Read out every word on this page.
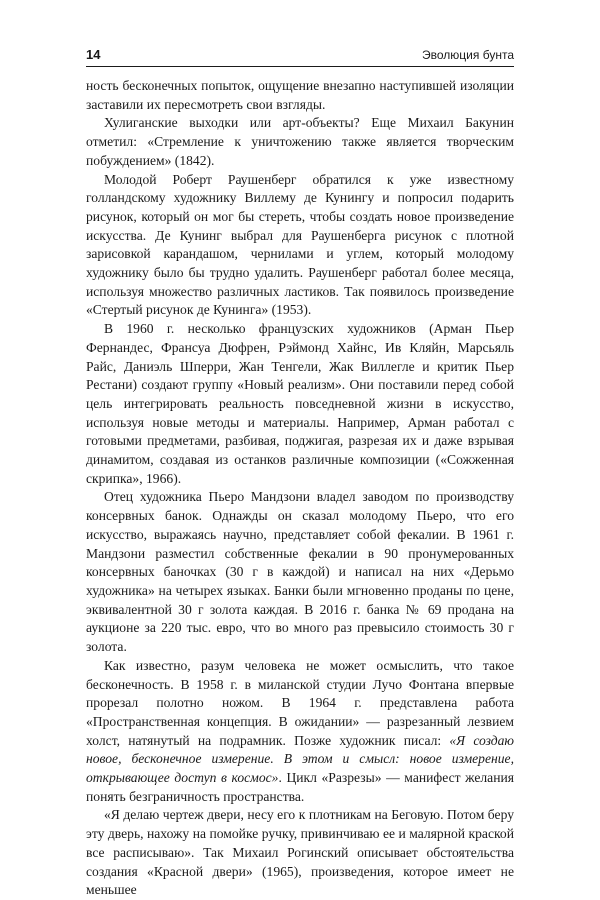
14	Эволюция бунта

ность бесконечных попыток, ощущение внезапно наступившей изоляции заставили их пересмотреть свои взгляды.

Хулиганские выходки или арт-объекты? Еще Михаил Бакунин отметил: «Стремление к уничтожению также является творческим побуждением» (1842).

Молодой Роберт Раушенберг обратился к уже известному голландскому художнику Виллему де Кунингу и попросил подарить рисунок, который он мог бы стереть, чтобы создать новое произведение искусства. Де Кунинг выбрал для Раушенберга рисунок с плотной зарисовкой карандашом, чернилами и углем, который молодому художнику было бы трудно удалить. Раушенберг работал более месяца, используя множество различных ластиков. Так появилось произведение «Стертый рисунок де Кунинга» (1953).

В 1960 г. несколько французских художников (Арман Пьер Фернандес, Франсуа Дюфрен, Рэймонд Хайнс, Ив Кляйн, Марсьяль Райс, Даниэль Шперри, Жан Тенгели, Жак Виллегле и критик Пьер Рестани) создают группу «Новый реализм». Они поставили перед собой цель интегрировать реальность повседневной жизни в искусство, используя новые методы и материалы. Например, Арман работал с готовыми предметами, разбивая, поджигая, разрезая их и даже взрывая динамитом, создавая из останков различные композиции («Сожженная скрипка», 1966).

Отец художника Пьеро Мандзони владел заводом по производству консервных банок. Однажды он сказал молодому Пьеро, что его искусство, выражаясь научно, представляет собой фекалии. В 1961 г. Мандзони разместил собственные фекалии в 90 пронумерованных консервных баночках (30 г в каждой) и написал на них «Дерьмо художника» на четырех языках. Банки были мгновенно проданы по цене, эквивалентной 30 г золота каждая. В 2016 г. банка № 69 продана на аукционе за 220 тыс. евро, что во много раз превысило стоимость 30 г золота.

Как известно, разум человека не может осмыслить, что такое бесконечность. В 1958 г. в миланской студии Лучо Фонтана впервые прорезал полотно ножом. В 1964 г. представлена работа «Пространственная концепция. В ожидании» — разрезанный лезвием холст, натянутый на подрамник. Позже художник писал: «Я создаю новое, бесконечное измерение. В этом и смысл: новое измерение, открывающее доступ в космос». Цикл «Разрезы» — манифест желания понять безграничность пространства.

«Я делаю чертеж двери, несу его к плотникам на Беговую. Потом беру эту дверь, нахожу на помойке ручку, привинчиваю ее и малярной краской все расписываю». Так Михаил Рогинский описывает обстоятельства создания «Красной двери» (1965), произведения, которое имеет не меньшее
